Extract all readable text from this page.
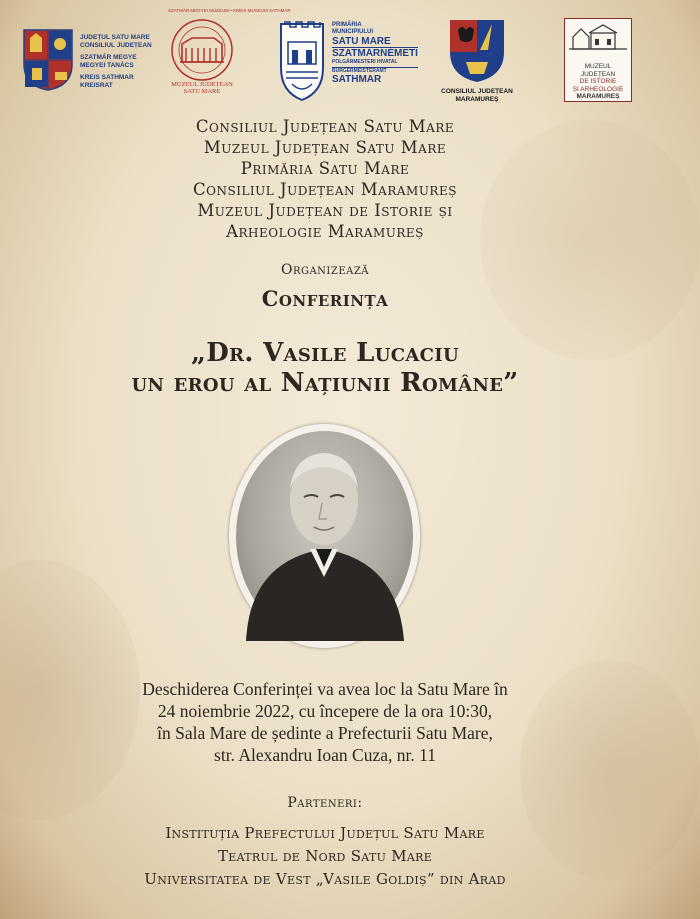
JUDEȚUL SATU MARE
CONSILIUL JUDEȚEAN
SZATMÁR MEGYE
MEGYEI TANÁCS
KREIS SATHMAR
KREISRAT	MUZEUL JUDEȚEAN
SATU MARE
SZATMÁR MEGYEI MÚZEUM • KREIS MUSEUM SATHMAR
PRIMĂRIA
MUNICIPIULUI
SATU MARE
SZATMÁRNÉMETI
POLGÁRMESTERI HIVATAL
BÜRGERMEISTERAMT
SATHMAR
CONSILIUL JUDEȚEAN
MARAMUREȘ
MUZEUL
JUDEȚEAN
DE ISTORIE
ȘI ARHEOLOGIE
MARAMUREȘ
Consiliul Județean Satu Mare
Muzeul Județean Satu Mare
Primăria Satu Mare
Consiliul Județean Maramureș
Muzeul Județean de Istorie și
Arheologie Maramureș
Organizează
Conferința
„Dr. Vasile Lucaciu
un erou al Națiunii Române”
Deschiderea Conferinței va avea loc la Satu Mare în
24 noiembrie 2022, cu începere de la ora 10:30,
în Sala Mare de ședinte a Prefecturii Satu Mare,
str. Alexandru Ioan Cuza, nr. 11
Parteneri:
Instituția Prefectului Județul Satu Mare
Teatrul de Nord Satu Mare
Universitatea de Vest „Vasile Goldiș” din Arad
